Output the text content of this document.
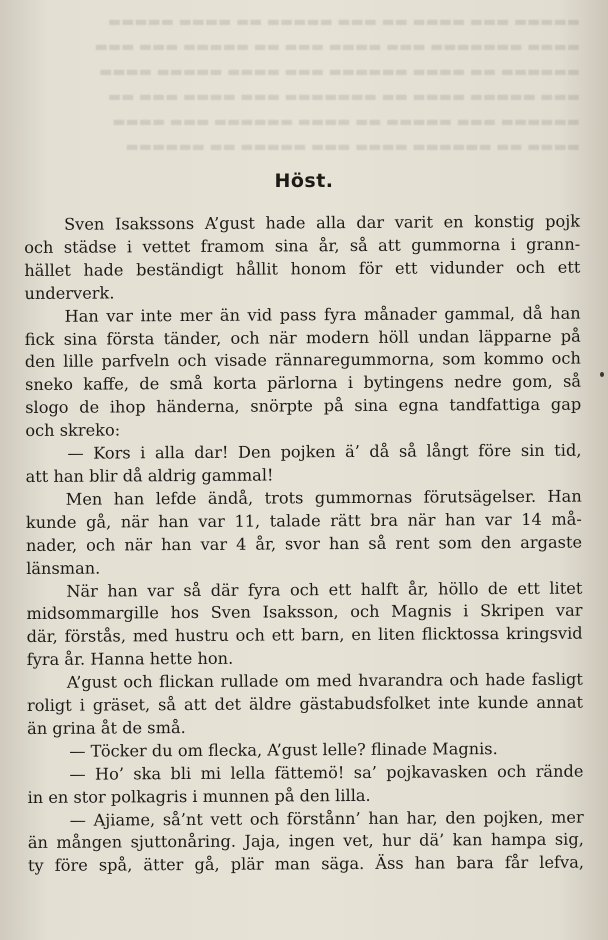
▬▬▬▬▬ ▬▬▬ ▬▬▬▬ ▬▬ ▬▬▬ ▬▬▬▬▬ ▬▬ ▬▬▬▬ ▬▬▬▬▬
▬▬▬▬ ▬▬▬▬▬▬▬ ▬▬▬ ▬▬▬▬ ▬▬▬ ▬▬ ▬▬▬▬▬ ▬▬▬ ▬▬▬
▬▬▬▬▬▬ ▬▬ ▬▬▬▬ ▬▬▬▬▬▬ ▬▬▬ ▬▬▬▬ ▬▬▬▬▬ ▬▬▬▬
▬▬▬ ▬▬▬▬▬ ▬▬▬▬ ▬▬ ▬▬▬▬▬▬▬ ▬▬▬ ▬▬▬▬ ▬▬▬ ▬▬
▬▬▬▬▬▬ ▬▬▬ ▬▬▬▬▬ ▬▬ ▬▬▬▬ ▬▬▬▬▬▬ ▬▬▬ ▬▬▬▬
▬▬▬▬ ▬▬ ▬▬▬▬▬▬ ▬▬▬▬ ▬▬▬ ▬▬▬▬▬ ▬▬ ▬▬▬▬▬▬
Höst.
Sven Isakssons A’gust hade alla dar varit en konstig pojk
och städse i vettet framom sina år, så att gummorna i grann-
hället hade beständigt hållit honom för ett vidunder och ett
underverk.
Han var inte mer än vid pass fyra månader gammal, då han
fick sina första tänder, och när modern höll undan läpparne på
den lille parfveln och visade rännaregummorna, som kommo och
sneko kaffe, de små korta pärlorna i bytingens nedre gom, så
slogo de ihop händerna, snörpte på sina egna tandfattiga gap
och skreko:
— Kors i alla dar! Den pojken ä’ då så långt före sin tid,
att han blir då aldrig gammal!
Men han lefde ändå, trots gummornas förutsägelser. Han
kunde gå, när han var 11, talade rätt bra när han var 14 må-
nader, och när han var 4 år, svor han så rent som den argaste
länsman.
När han var så där fyra och ett halft år, höllo de ett litet
midsommargille hos Sven Isaksson, och Magnis i Skripen var
där, förstås, med hustru och ett barn, en liten flicktossa kringsvid
fyra år. Hanna hette hon.
A’gust och flickan rullade om med hvarandra och hade fasligt
roligt i gräset, så att det äldre gästabudsfolket inte kunde annat
än grina åt de små.
— Töcker du om flecka, A’gust lelle? flinade Magnis.
— Ho’ ska bli mi lella fättemö! sa’ pojkavasken och rände
in en stor polkagris i munnen på den lilla.
— Ajiame, så’nt vett och förstånn’ han har, den pojken, mer
än mången sjuttonåring. Jaja, ingen vet, hur dä’ kan hampa sig,
ty före spå, ätter gå, plär man säga. Äss han bara får lefva,
